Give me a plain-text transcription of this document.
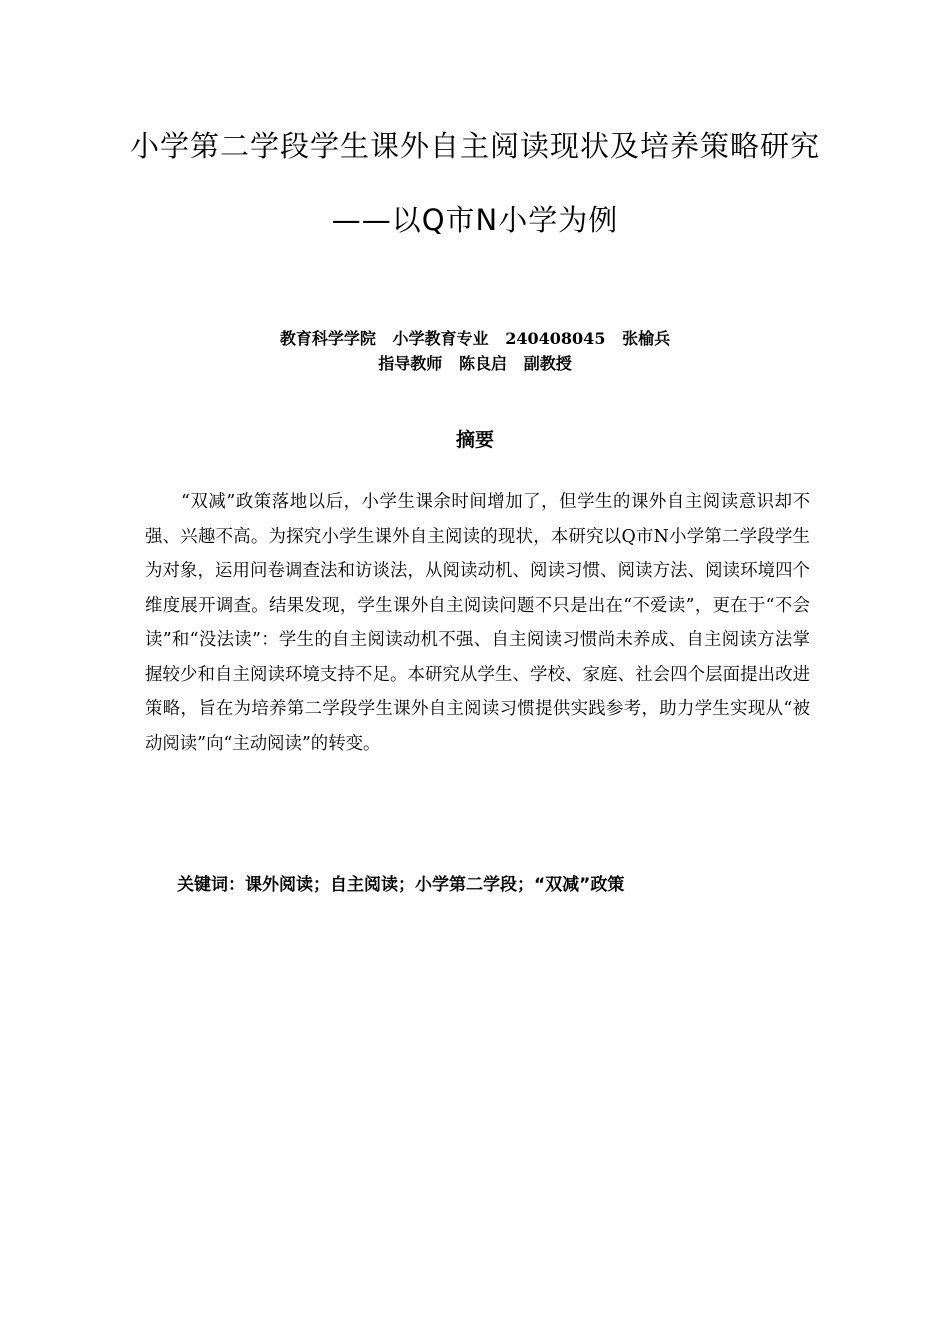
小学第二学段学生课外自主阅读现状及培养策略研究
——以Q市N小学为例
教育科学学院   小学教育专业   240408045   张榆兵
指导教师   陈良启   副教授
摘要

“双减”政策落地以后，小学生课余时间增加了，但学生的课外自主阅读意识却不强、兴趣不高。为探究小学生课外自主阅读的现状，本研究以Q市N小学第二学段学生为对象，运用问卷调查法和访谈法，从阅读动机、阅读习惯、阅读方法、阅读环境四个维度展开调查。结果发现，学生课外自主阅读问题不只是出在“不爱读”，更在于“不会读”和“没法读”：学生的自主阅读动机不强、自主阅读习惯尚未养成、自主阅读方法掌握较少和自主阅读环境支持不足。本研究从学生、学校、家庭、社会四个层面提出改进策略，旨在为培养第二学段学生课外自主阅读习惯提供实践参考，助力学生实现从“被动阅读”向“主动阅读”的转变。

关键词：课外阅读；自主阅读；小学第二学段；“双减”政策
